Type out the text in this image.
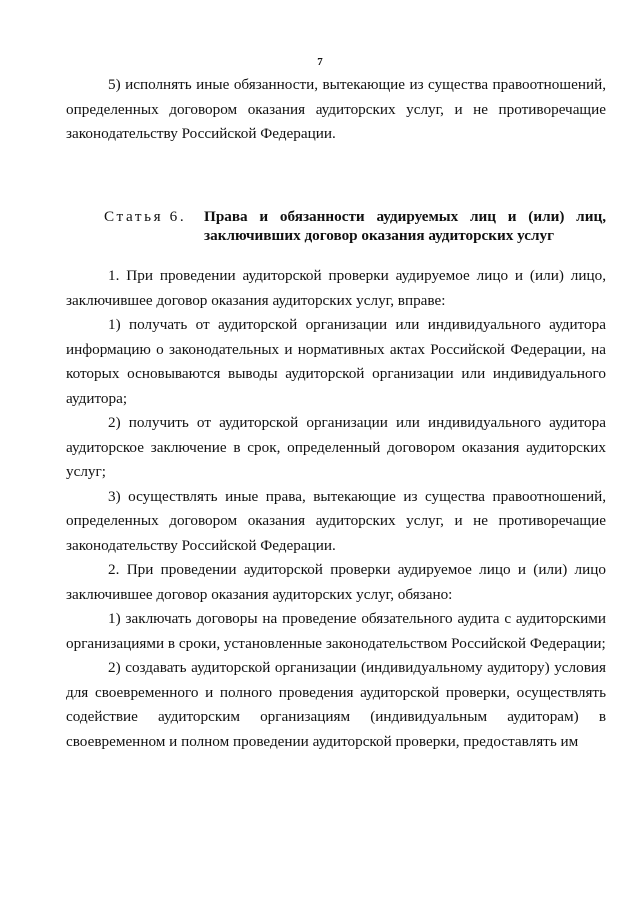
7

5) исполнять иные обязанности, вытекающие из существа правоотношений, определенных договором оказания аудиторских услуг, и не противоречащие законодательству Российской Федерации.

Статья 6. Права и обязанности аудируемых лиц и (или) лиц, заключивших договор оказания аудиторских услуг

1. При проведении аудиторской проверки аудируемое лицо и (или) лицо, заключившее договор оказания аудиторских услуг, вправе:

1) получать от аудиторской организации или индивидуального аудитора информацию о законодательных и нормативных актах Российской Федерации, на которых основываются выводы аудиторской организации или индивидуального аудитора;

2) получить от аудиторской организации или индивидуального аудитора аудиторское заключение в срок, определенный договором оказания аудиторских услуг;

3) осуществлять иные права, вытекающие из существа правоотношений, определенных договором оказания аудиторских услуг, и не противоречащие законодательству Российской Федерации.

2. При проведении аудиторской проверки аудируемое лицо и (или) лицо заключившее договор оказания аудиторских услуг, обязано:

1) заключать договоры на проведение обязательного аудита с аудиторскими организациями в сроки, установленные законодательством Российской Федерации;

2) создавать аудиторской организации (индивидуальному аудитору) условия для своевременного и полного проведения аудиторской проверки, осуществлять содействие аудиторским организациям (индивидуальным аудиторам) в своевременном и полном проведении аудиторской проверки, предоставлять им
